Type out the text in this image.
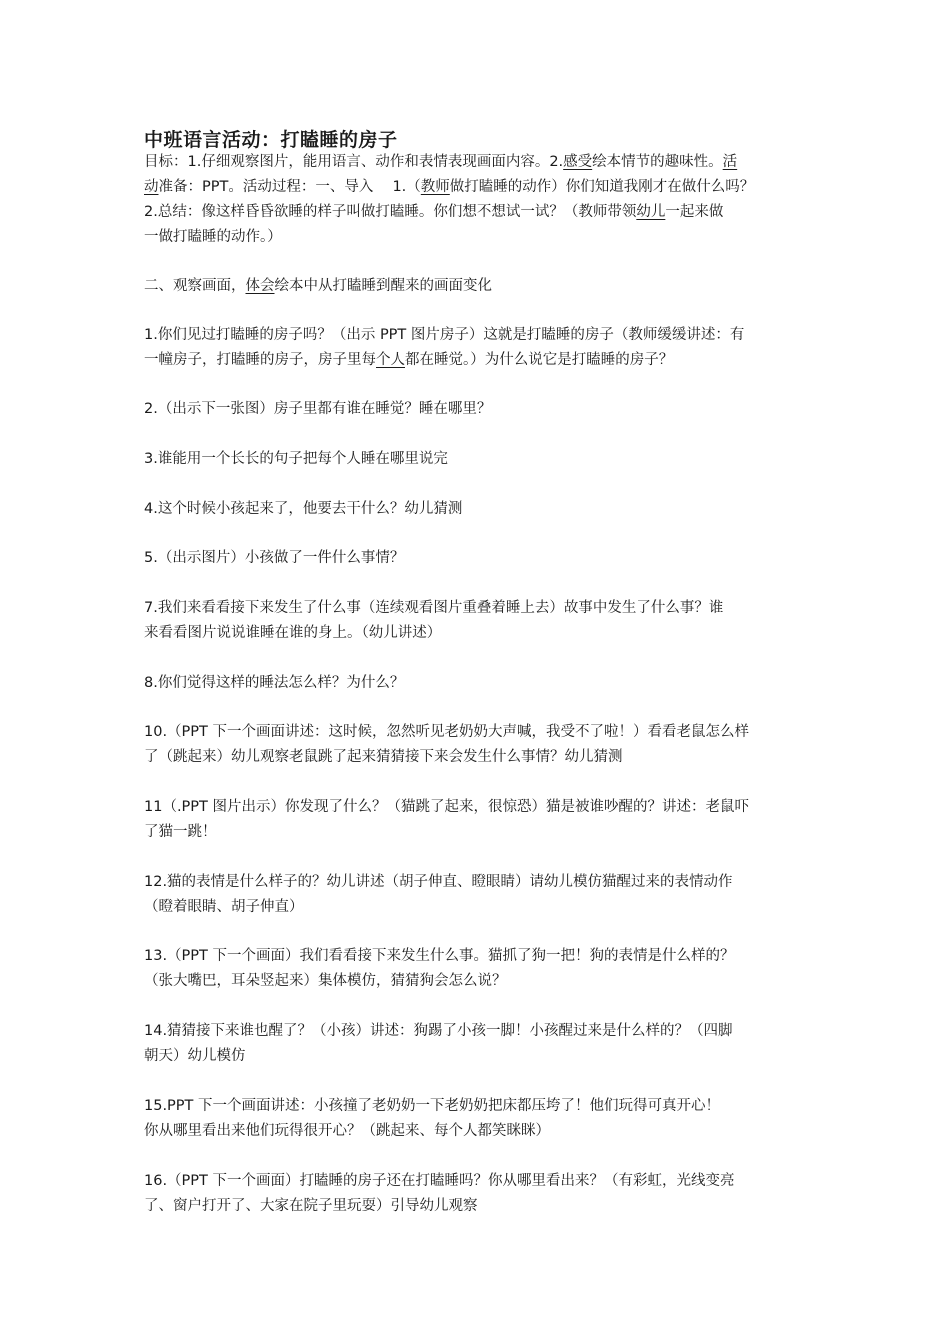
中班语言活动：打瞌睡的房子
目标：1.仔细观察图片，能用语言、动作和表情表现画面内容。2.感受绘本情节的趣味性。活
动准备：PPT。活动过程：一、导入　 1.（教师做打瞌睡的动作）你们知道我刚才在做什么吗？
2.总结：像这样昏昏欲睡的样子叫做打瞌睡。你们想不想试一试？（教师带领幼儿一起来做
一做打瞌睡的动作。）
二、观察画面，体会绘本中从打瞌睡到醒来的画面变化
1.你们见过打瞌睡的房子吗？（出示 PPT 图片房子）这就是打瞌睡的房子（教师缓缓讲述：有
一幢房子，打瞌睡的房子，房子里每个人都在睡觉。）为什么说它是打瞌睡的房子？
2.（出示下一张图）房子里都有谁在睡觉？睡在哪里？
3.谁能用一个长长的句子把每个人睡在哪里说完
4.这个时候小孩起来了，他要去干什么？幼儿猜测
5.（出示图片）小孩做了一件什么事情？
7.我们来看看接下来发生了什么事（连续观看图片重叠着睡上去）故事中发生了什么事？谁
来看看图片说说谁睡在谁的身上。（幼儿讲述）
8.你们觉得这样的睡法怎么样？为什么？
10.（PPT 下一个画面讲述：这时候，忽然听见老奶奶大声喊，我受不了啦！）看看老鼠怎么样
了（跳起来）幼儿观察老鼠跳了起来猜猜接下来会发生什么事情？幼儿猜测
11（.PPT 图片出示）你发现了什么？（猫跳了起来，很惊恐）猫是被谁吵醒的？讲述：老鼠吓
了猫一跳！
12.猫的表情是什么样子的？幼儿讲述（胡子伸直、瞪眼睛）请幼儿模仿猫醒过来的表情动作
（瞪着眼睛、胡子伸直）
13.（PPT 下一个画面）我们看看接下来发生什么事。猫抓了狗一把！狗的表情是什么样的？
（张大嘴巴，耳朵竖起来）集体模仿，猜猜狗会怎么说？
14.猜猜接下来谁也醒了？（小孩）讲述：狗踢了小孩一脚！小孩醒过来是什么样的？（四脚
朝天）幼儿模仿
15.PPT 下一个画面讲述：小孩撞了老奶奶一下老奶奶把床都压垮了！他们玩得可真开心！
你从哪里看出来他们玩得很开心？（跳起来、每个人都笑眯眯）
16.（PPT 下一个画面）打瞌睡的房子还在打瞌睡吗？你从哪里看出来？（有彩虹，光线变亮
了、窗户打开了、大家在院子里玩耍）引导幼儿观察
